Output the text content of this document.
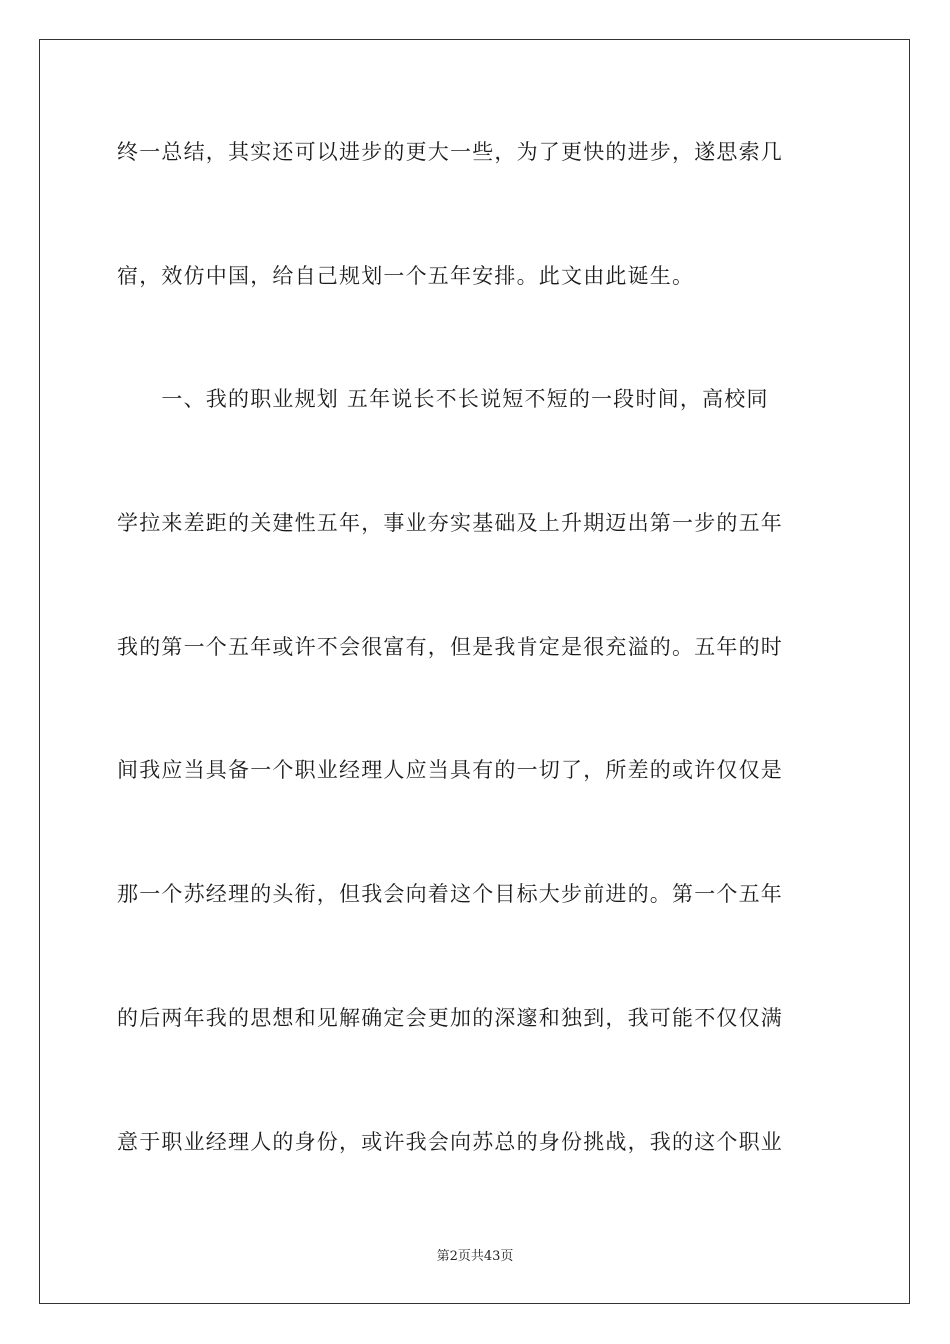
终一总结，其实还可以进步的更大一些，为了更快的进步，遂思索几
宿，效仿中国，给自己规划一个五年安排。此文由此诞生。
　　一、我的职业规划 五年说长不长说短不短的一段时间，高校同
学拉来差距的关建性五年，事业夯实基础及上升期迈出第一步的五年
我的第一个五年或许不会很富有，但是我肯定是很充溢的。五年的时
间我应当具备一个职业经理人应当具有的一切了，所差的或许仅仅是
那一个苏经理的头衔，但我会向着这个目标大步前进的。第一个五年
的后两年我的思想和见解确定会更加的深邃和独到，我可能不仅仅满
意于职业经理人的身份，或许我会向苏总的身份挑战，我的这个职业
第2页共43页
